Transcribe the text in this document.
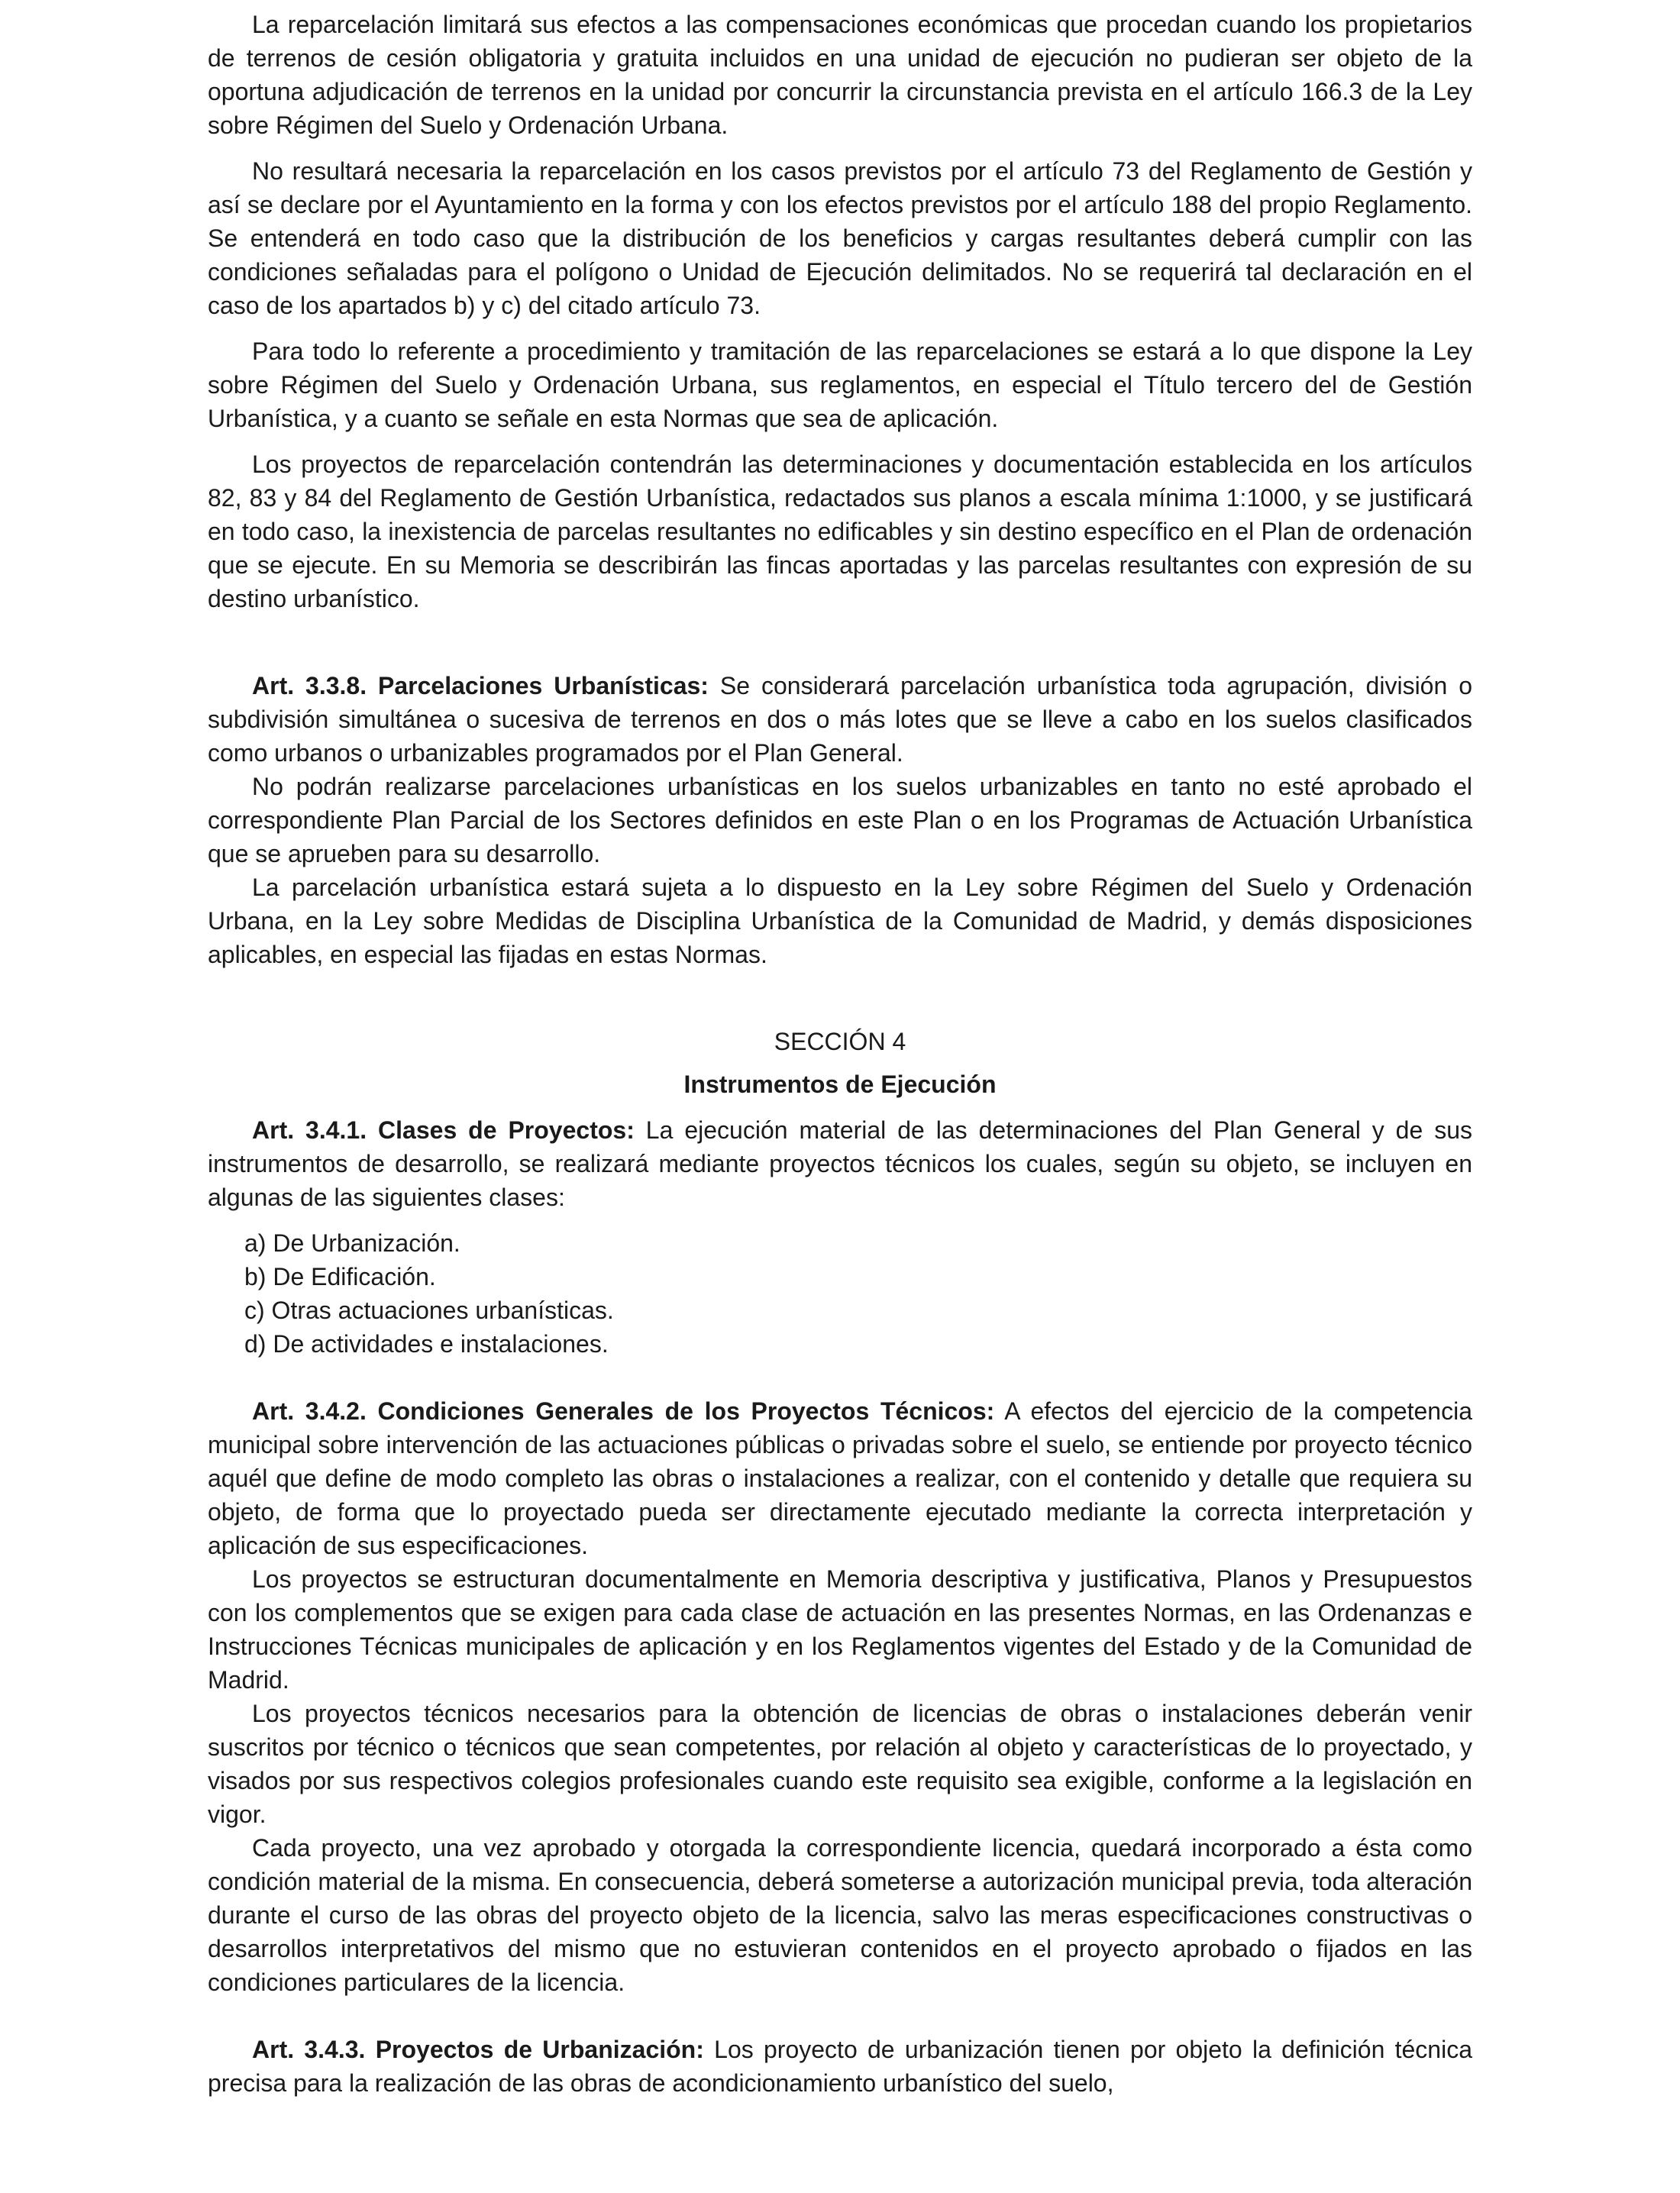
La reparcelación limitará sus efectos a las compensaciones económicas que procedan cuando los propietarios de terrenos de cesión obligatoria y gratuita incluidos en una unidad de ejecución no pudieran ser objeto de la oportuna adjudicación de terrenos en la unidad por concurrir la circunstancia prevista en el artículo 166.3 de la Ley sobre Régimen del Suelo y Ordenación Urbana.

No resultará necesaria la reparcelación en los casos previstos por el artículo 73 del Reglamento de Gestión y así se declare por el Ayuntamiento en la forma y con los efectos previstos por el artículo 188 del propio Reglamento. Se entenderá en todo caso que la distribución de los beneficios y cargas resultantes deberá cumplir con las condiciones señaladas para el polígono o Unidad de Ejecución delimitados. No se requerirá tal declaración en el caso de los apartados b) y c) del citado artículo 73.

Para todo lo referente a procedimiento y tramitación de las reparcelaciones se estará a lo que dispone la Ley sobre Régimen del Suelo y Ordenación Urbana, sus reglamentos, en especial el Título tercero del de Gestión Urbanística, y a cuanto se señale en esta Normas que sea de aplicación.

Los proyectos de reparcelación contendrán las determinaciones y documentación establecida en los artículos 82, 83 y 84 del Reglamento de Gestión Urbanística, redactados sus planos a escala mínima 1:1000, y se justificará en todo caso, la inexistencia de parcelas resultantes no edificables y sin destino específico en el Plan de ordenación que se ejecute. En su Memoria se describirán las fincas aportadas y las parcelas resultantes con expresión de su destino urbanístico.

Art. 3.3.8. Parcelaciones Urbanísticas: Se considerará parcelación urbanística toda agrupación, división o subdivisión simultánea o sucesiva de terrenos en dos o más lotes que se lleve a cabo en los suelos clasificados como urbanos o urbanizables programados por el Plan General.

No podrán realizarse parcelaciones urbanísticas en los suelos urbanizables en tanto no esté aprobado el correspondiente Plan Parcial de los Sectores definidos en este Plan o en los Programas de Actuación Urbanística que se aprueben para su desarrollo.

La parcelación urbanística estará sujeta a lo dispuesto en la Ley sobre Régimen del Suelo y Ordenación Urbana, en la Ley sobre Medidas de Disciplina Urbanística de la Comunidad de Madrid, y demás disposiciones aplicables, en especial las fijadas en estas Normas.

SECCIÓN 4

Instrumentos de Ejecución

Art. 3.4.1. Clases de Proyectos: La ejecución material de las determinaciones del Plan General y de sus instrumentos de desarrollo, se realizará mediante proyectos técnicos los cuales, según su objeto, se incluyen en algunas de las siguientes clases:

a) De Urbanización.
b) De Edificación.
c) Otras actuaciones urbanísticas.
d) De actividades e instalaciones.

Art. 3.4.2. Condiciones Generales de los Proyectos Técnicos: A efectos del ejercicio de la competencia municipal sobre intervención de las actuaciones públicas o privadas sobre el suelo, se entiende por proyecto técnico aquél que define de modo completo las obras o instalaciones a realizar, con el contenido y detalle que requiera su objeto, de forma que lo proyectado pueda ser directamente ejecutado mediante la correcta interpretación y aplicación de sus especificaciones.

Los proyectos se estructuran documentalmente en Memoria descriptiva y justificativa, Planos y Presupuestos con los complementos que se exigen para cada clase de actuación en las presentes Normas, en las Ordenanzas e Instrucciones Técnicas municipales de aplicación y en los Reglamentos vigentes del Estado y de la Comunidad de Madrid.

Los proyectos técnicos necesarios para la obtención de licencias de obras o instalaciones deberán venir suscritos por técnico o técnicos que sean competentes, por relación al objeto y características de lo proyectado, y visados por sus respectivos colegios profesionales cuando este requisito sea exigible, conforme a la legislación en vigor.

Cada proyecto, una vez aprobado y otorgada la correspondiente licencia, quedará incorporado a ésta como condición material de la misma. En consecuencia, deberá someterse a autorización municipal previa, toda alteración durante el curso de las obras del proyecto objeto de la licencia, salvo las meras especificaciones constructivas o desarrollos interpretativos del mismo que no estuvieran contenidos en el proyecto aprobado o fijados en las condiciones particulares de la licencia.

Art. 3.4.3. Proyectos de Urbanización: Los proyecto de urbanización tienen por objeto la definición técnica precisa para la realización de las obras de acondicionamiento urbanístico del suelo,
